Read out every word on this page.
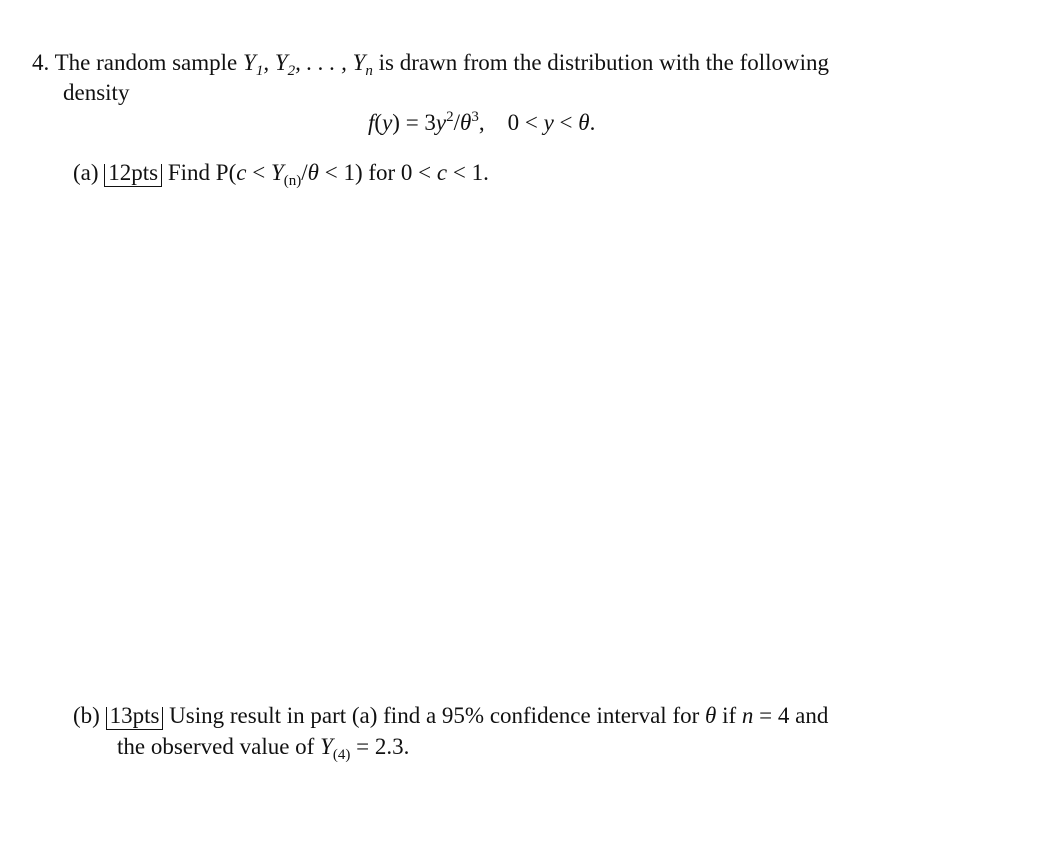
4. The random sample $Y_1$, $Y_2$, . . . , $Y_n$ is drawn from the distribution with the following
density
$f(y) = 3y^2/\theta^3$, 0 < y < θ.
(a) 12pts Find $P(c < Y_{(n)}/\theta < 1)$ for 0 < c < 1.
(b) 13pts Using result in part (a) find a 95% confidence interval for θ if n = 4 and
the observed value of $Y_{(4)} = 2.3$.
